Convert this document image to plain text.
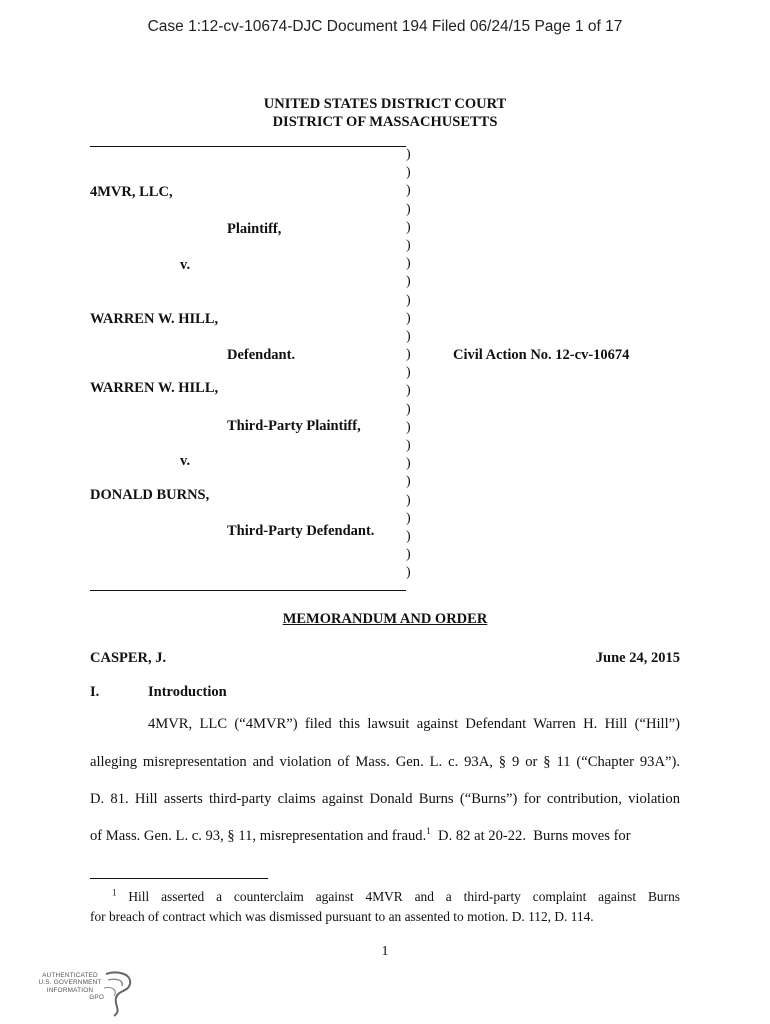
Case 1:12-cv-10674-DJC Document 194 Filed 06/24/15 Page 1 of 17
UNITED STATES DISTRICT COURT
DISTRICT OF MASSACHUSETTS
)
)
)
)
)
)
)
)
)
)
)
)
)
)
)
)
)
)
)
)
)
)
)
)
4MVR, LLC,
Plaintiff,
v.
WARREN W. HILL,
Defendant.	Civil Action No. 12-cv-10674
WARREN W. HILL,
Third-Party Plaintiff,
v.
DONALD BURNS,
Third-Party Defendant.
MEMORANDUM AND ORDER
CASPER, J.	June 24, 2015
I.	Introduction
4MVR, LLC (“4MVR”) filed this lawsuit against Defendant Warren H. Hill (“Hill”)
alleging misrepresentation and violation of Mass. Gen. L. c. 93A, § 9 or § 11 (“Chapter 93A”).
D. 81. Hill asserts third-party claims against Donald Burns (“Burns”) for contribution, violation
of Mass. Gen. L. c. 93, § 11, misrepresentation and fraud.$^1$  D. 82 at 20-22.  Burns moves for
$^1$ Hill asserted a counterclaim against 4MVR and a third-party complaint against Burns
for breach of contract which was dismissed pursuant to an assented to motion. D. 112, D. 114.
1
AUTHENTICATED
U.S. GOVERNMENT
INFORMATION
GPO
